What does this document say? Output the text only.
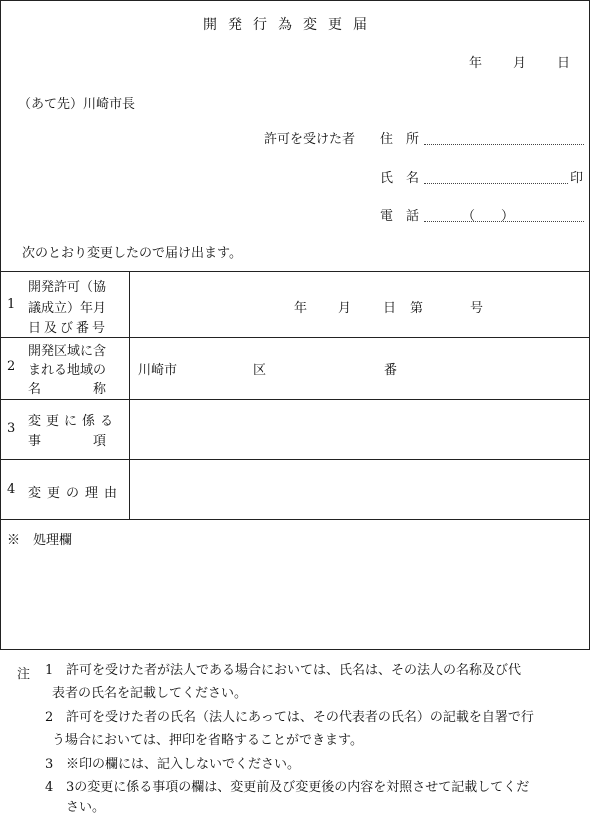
開発行為変更届
年 月 日
（あて先）川崎市長
許可を受けた者 住　所
氏　名	印
電　話	（　　）
次のとおり変更したので届け出ます。
1
開発許可（協
議成立）年月
日及び番号
年 月 日 第	号
2
開発区域に含
まれる地域の
名　　　　称
川崎市	区	番
3 変更に係る
事　　　　項
4 変更の理由
※　処理欄
注 1 許可を受けた者が法人である場合においては、氏名は、その法人の名称及び代
表者の氏名を記載してください。
2 許可を受けた者の氏名（法人にあっては、その代表者の氏名）の記載を自署で行
う場合においては、押印を省略することができます。
3 ※印の欄には、記入しないでください。
4 3の変更に係る事項の欄は、変更前及び変更後の内容を対照させて記載してくだ
さい。
